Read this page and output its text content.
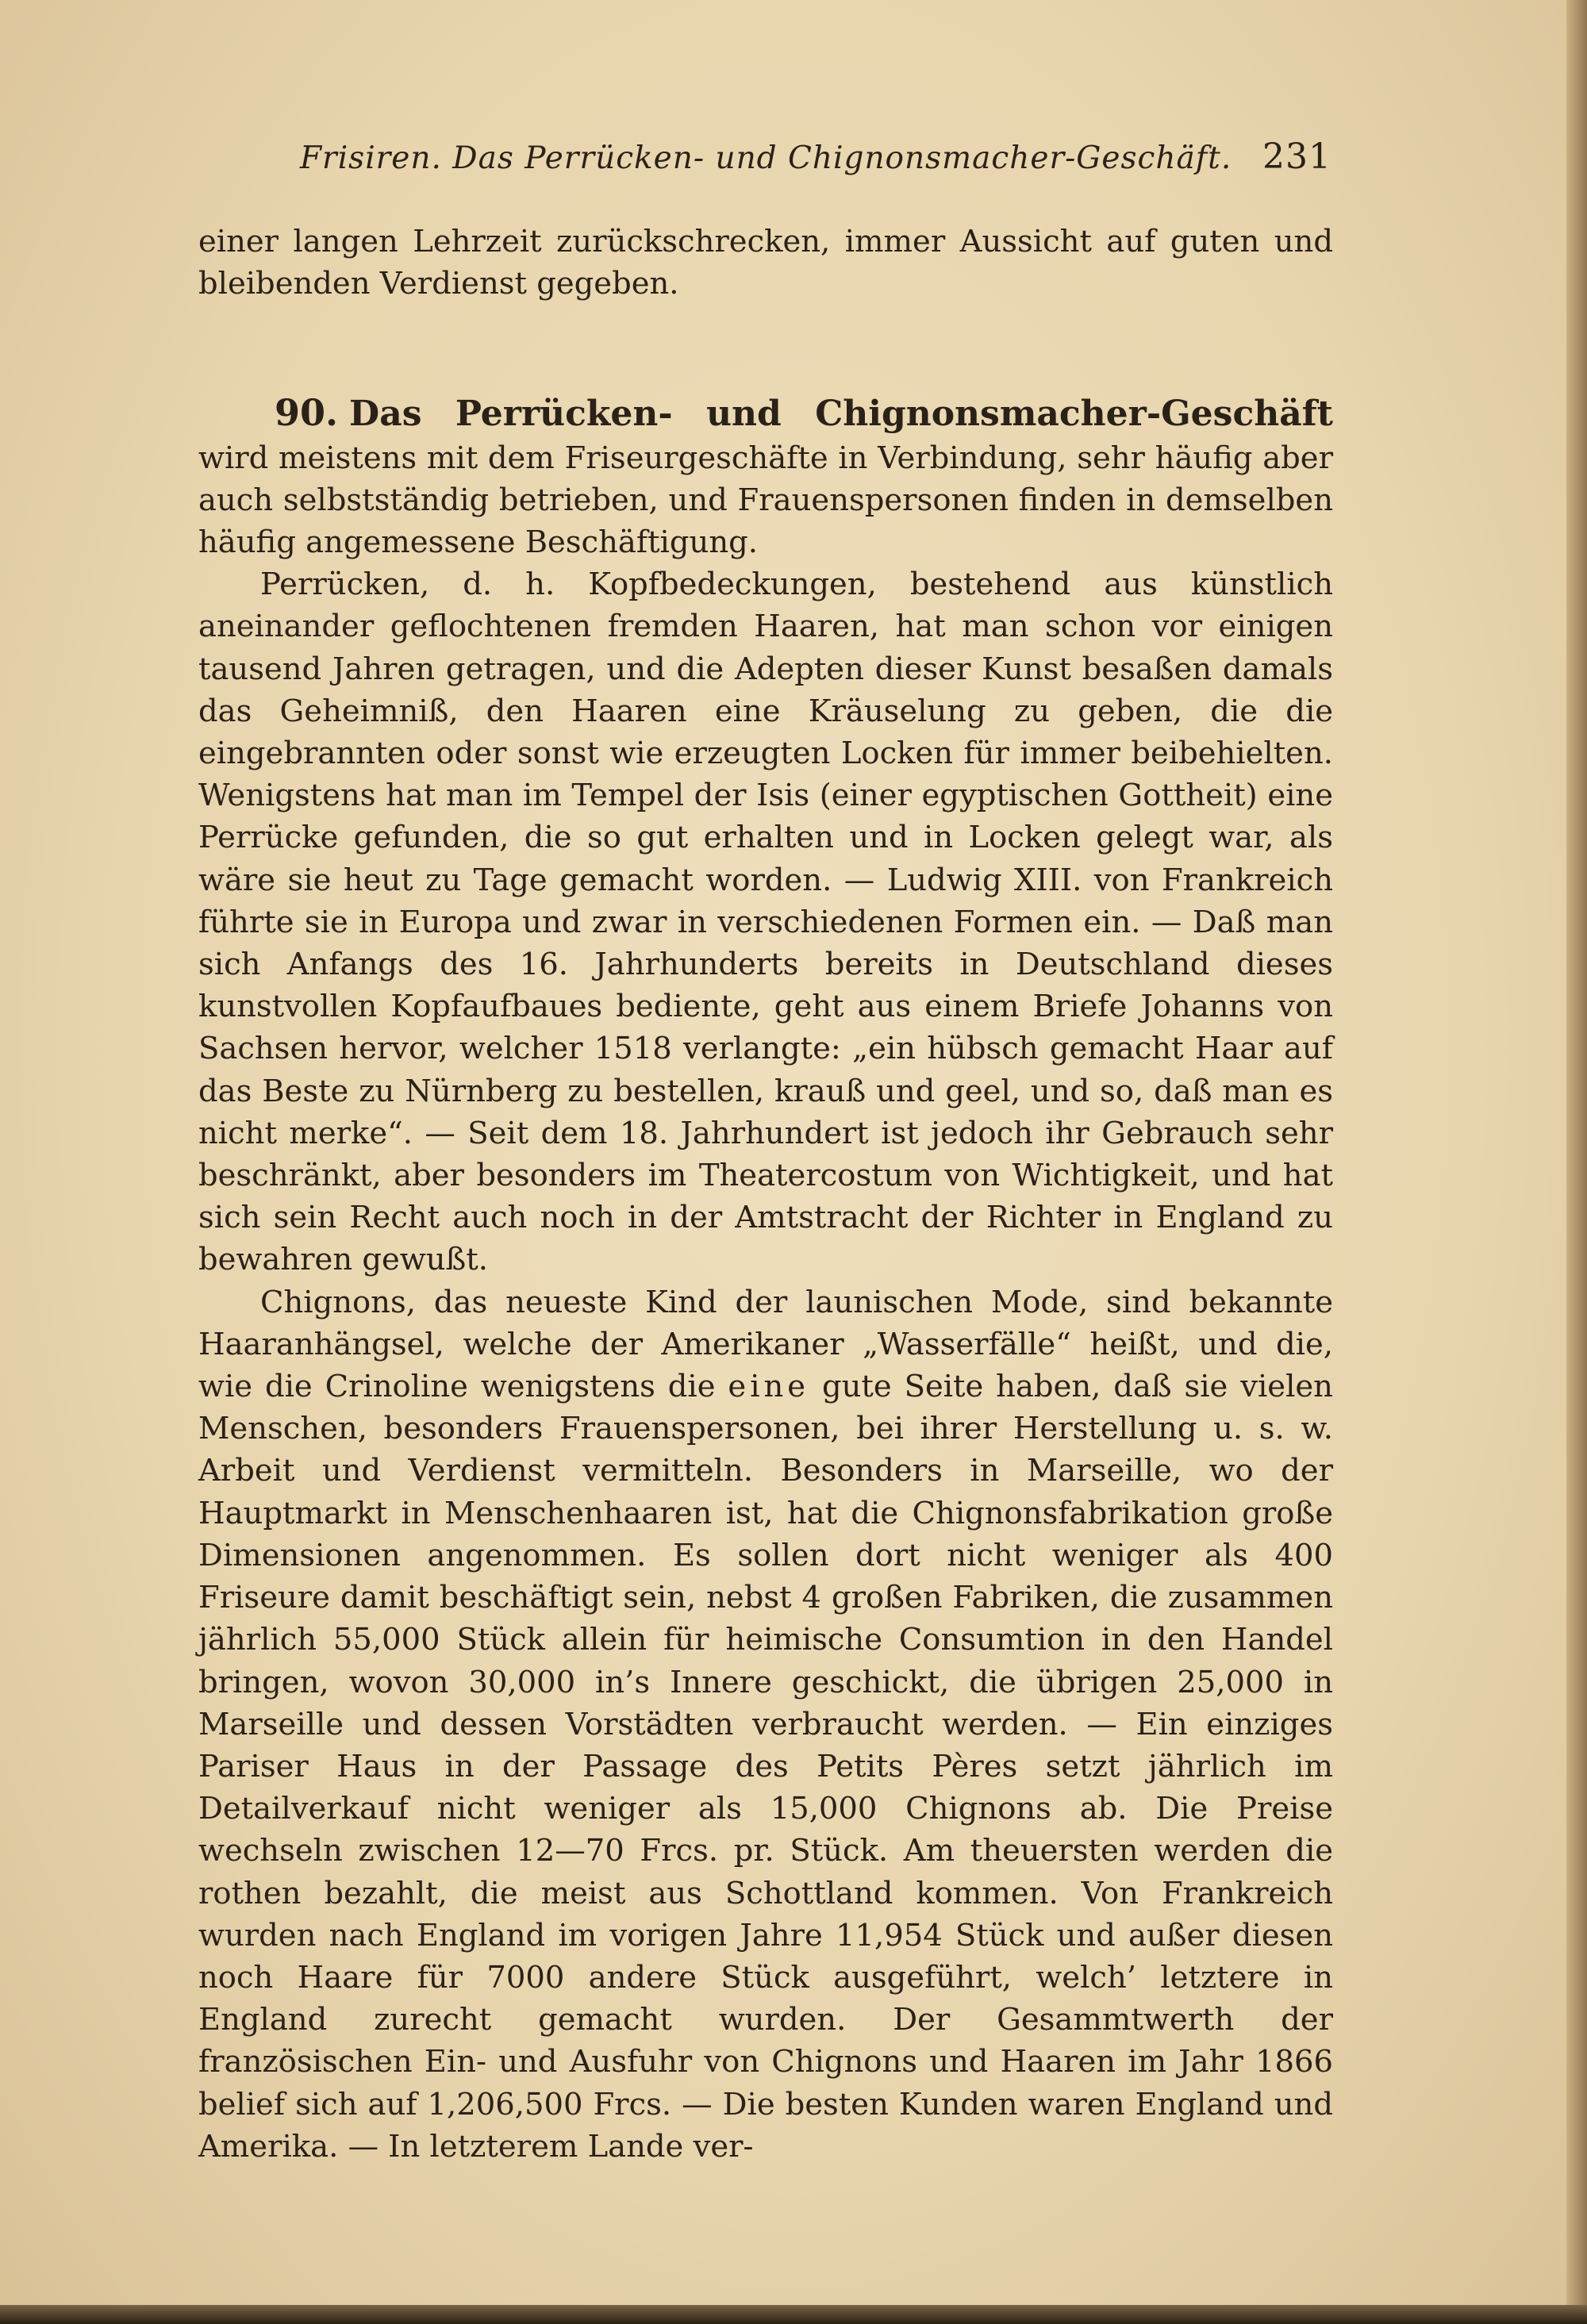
Frisiren. Das Perrücken- und Chignonsmacher-Geschäft. 231

einer langen Lehrzeit zurückschrecken, immer Aussicht auf guten und bleibenden Verdienst gegeben.

90. Das Perrücken- und Chignonsmacher-Geschäft wird meistens mit dem Friseurgeschäfte in Verbindung, sehr häufig aber auch selbstständig betrieben, und Frauenspersonen finden in demselben häufig angemessene Beschäftigung.

Perrücken, d. h. Kopfbedeckungen, bestehend aus künstlich aneinander geflochtenen fremden Haaren, hat man schon vor einigen tausend Jahren getragen, und die Adepten dieser Kunst besaßen damals das Geheimniß, den Haaren eine Kräuselung zu geben, die die eingebrannten oder sonst wie erzeugten Locken für immer beibehielten. Wenigstens hat man im Tempel der Isis (einer egyptischen Gottheit) eine Perrücke gefunden, die so gut erhalten und in Locken gelegt war, als wäre sie heut zu Tage gemacht worden. — Ludwig XIII. von Frankreich führte sie in Europa und zwar in verschiedenen Formen ein. — Daß man sich Anfangs des 16. Jahrhunderts bereits in Deutschland dieses kunstvollen Kopfaufbaues bediente, geht aus einem Briefe Johanns von Sachsen hervor, welcher 1518 verlangte: „ein hübsch gemacht Haar auf das Beste zu Nürnberg zu bestellen, krauß und geel, und so, daß man es nicht merke“. — Seit dem 18. Jahrhundert ist jedoch ihr Gebrauch sehr beschränkt, aber besonders im Theatercostum von Wichtigkeit, und hat sich sein Recht auch noch in der Amtstracht der Richter in England zu bewahren gewußt.

Chignons, das neueste Kind der launischen Mode, sind bekannte Haaranhängsel, welche der Amerikaner „Wasserfälle“ heißt, und die, wie die Crinoline wenigstens die eine gute Seite haben, daß sie vielen Menschen, besonders Frauenspersonen, bei ihrer Herstellung u. s. w. Arbeit und Verdienst vermitteln. Besonders in Marseille, wo der Hauptmarkt in Menschenhaaren ist, hat die Chignonsfabrikation große Dimensionen angenommen. Es sollen dort nicht weniger als 400 Friseure damit beschäftigt sein, nebst 4 großen Fabriken, die zusammen jährlich 55,000 Stück allein für heimische Consumtion in den Handel bringen, wovon 30,000 in’s Innere geschickt, die übrigen 25,000 in Marseille und dessen Vorstädten verbraucht werden. — Ein einziges Pariser Haus in der Passage des Petits Pères setzt jährlich im Detailverkauf nicht weniger als 15,000 Chignons ab. Die Preise wechseln zwischen 12—70 Frcs. pr. Stück. Am theuersten werden die rothen bezahlt, die meist aus Schottland kommen. Von Frankreich wurden nach England im vorigen Jahre 11,954 Stück und außer diesen noch Haare für 7000 andere Stück ausgeführt, welch’ letztere in England zurecht gemacht wurden. Der Gesammtwerth der französischen Ein- und Ausfuhr von Chignons und Haaren im Jahr 1866 belief sich auf 1,206,500 Frcs. — Die besten Kunden waren England und Amerika. — In letzterem Lande ver-
